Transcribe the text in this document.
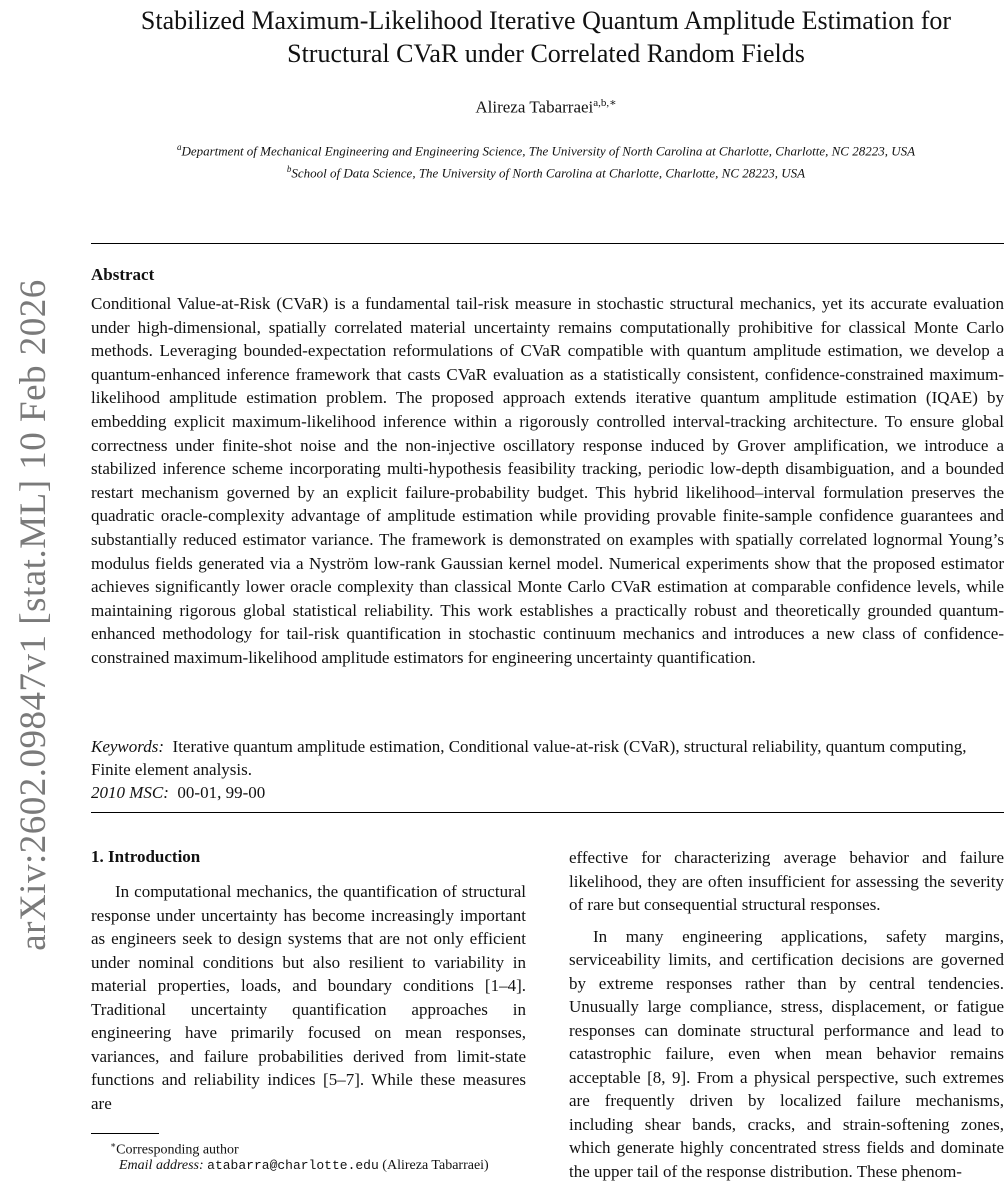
arXiv:2602.09847v1 [stat.ML] 10 Feb 2026
Stabilized Maximum-Likelihood Iterative Quantum Amplitude Estimation for Structural CVaR under Correlated Random Fields
Alireza Tabarraei$^{a,b,∗}$
$^a$Department of Mechanical Engineering and Engineering Science, The University of North Carolina at Charlotte, Charlotte, NC 28223, USA
$^b$School of Data Science, The University of North Carolina at Charlotte, Charlotte, NC 28223, USA
Abstract
Conditional Value-at-Risk (CVaR) is a fundamental tail-risk measure in stochastic structural mechanics, yet its accurate evaluation under high-dimensional, spatially correlated material uncertainty remains computationally prohibitive for classical Monte Carlo methods. Leveraging bounded-expectation reformulations of CVaR compatible with quantum amplitude estimation, we develop a quantum-enhanced inference framework that casts CVaR evaluation as a statistically consistent, confidence-constrained maximum-likelihood amplitude estimation problem. The proposed approach extends iterative quantum amplitude estimation (IQAE) by embedding explicit maximum-likelihood inference within a rigorously controlled interval-tracking architecture. To ensure global correctness under finite-shot noise and the non-injective oscillatory response induced by Grover amplification, we introduce a stabilized inference scheme incorporating multi-hypothesis feasibility tracking, periodic low-depth disambiguation, and a bounded restart mechanism governed by an explicit failure-probability budget. This hybrid likelihood–interval formulation preserves the quadratic oracle-complexity advantage of amplitude estimation while providing provable finite-sample confidence guarantees and substantially reduced estimator variance. The framework is demonstrated on examples with spatially correlated lognormal Young’s modulus fields generated via a Nyström low-rank Gaussian kernel model. Numerical experiments show that the proposed estimator achieves significantly lower oracle complexity than classical Monte Carlo CVaR estimation at comparable confidence levels, while maintaining rigorous global statistical reliability. This work establishes a practically robust and theoretically grounded quantum-enhanced methodology for tail-risk quantification in stochastic continuum mechanics and introduces a new class of confidence-constrained maximum-likelihood amplitude estimators for engineering uncertainty quantification.
Keywords: Iterative quantum amplitude estimation, Conditional value-at-risk (CVaR), structural reliability, quantum computing, Finite element analysis.
2010 MSC: 00-01, 99-00
1. Introduction

In computational mechanics, the quantification of structural response under uncertainty has become increasingly important as engineers seek to design systems that are not only efficient under nominal conditions but also resilient to variability in material properties, loads, and boundary conditions [1–4]. Traditional uncertainty quantification approaches in engineering have primarily focused on mean responses, variances, and failure probabilities derived from limit-state functions and reliability indices [5–7]. While these measures are

effective for characterizing average behavior and failure likelihood, they are often insufficient for assessing the severity of rare but consequential structural responses.

In many engineering applications, safety margins, serviceability limits, and certification decisions are governed by extreme responses rather than by central tendencies. Unusually large compliance, stress, displacement, or fatigue responses can dominate structural performance and lead to catastrophic failure, even when mean behavior remains acceptable [8, 9]. From a physical perspective, such extremes are frequently driven by localized failure mechanisms, including shear bands, cracks, and strain-softening zones, which generate highly concentrated stress fields and dominate the upper tail of the response distribution. These phenom-

∗Corresponding author
Email address: atabarra@charlotte.edu (Alireza Tabarraei)
